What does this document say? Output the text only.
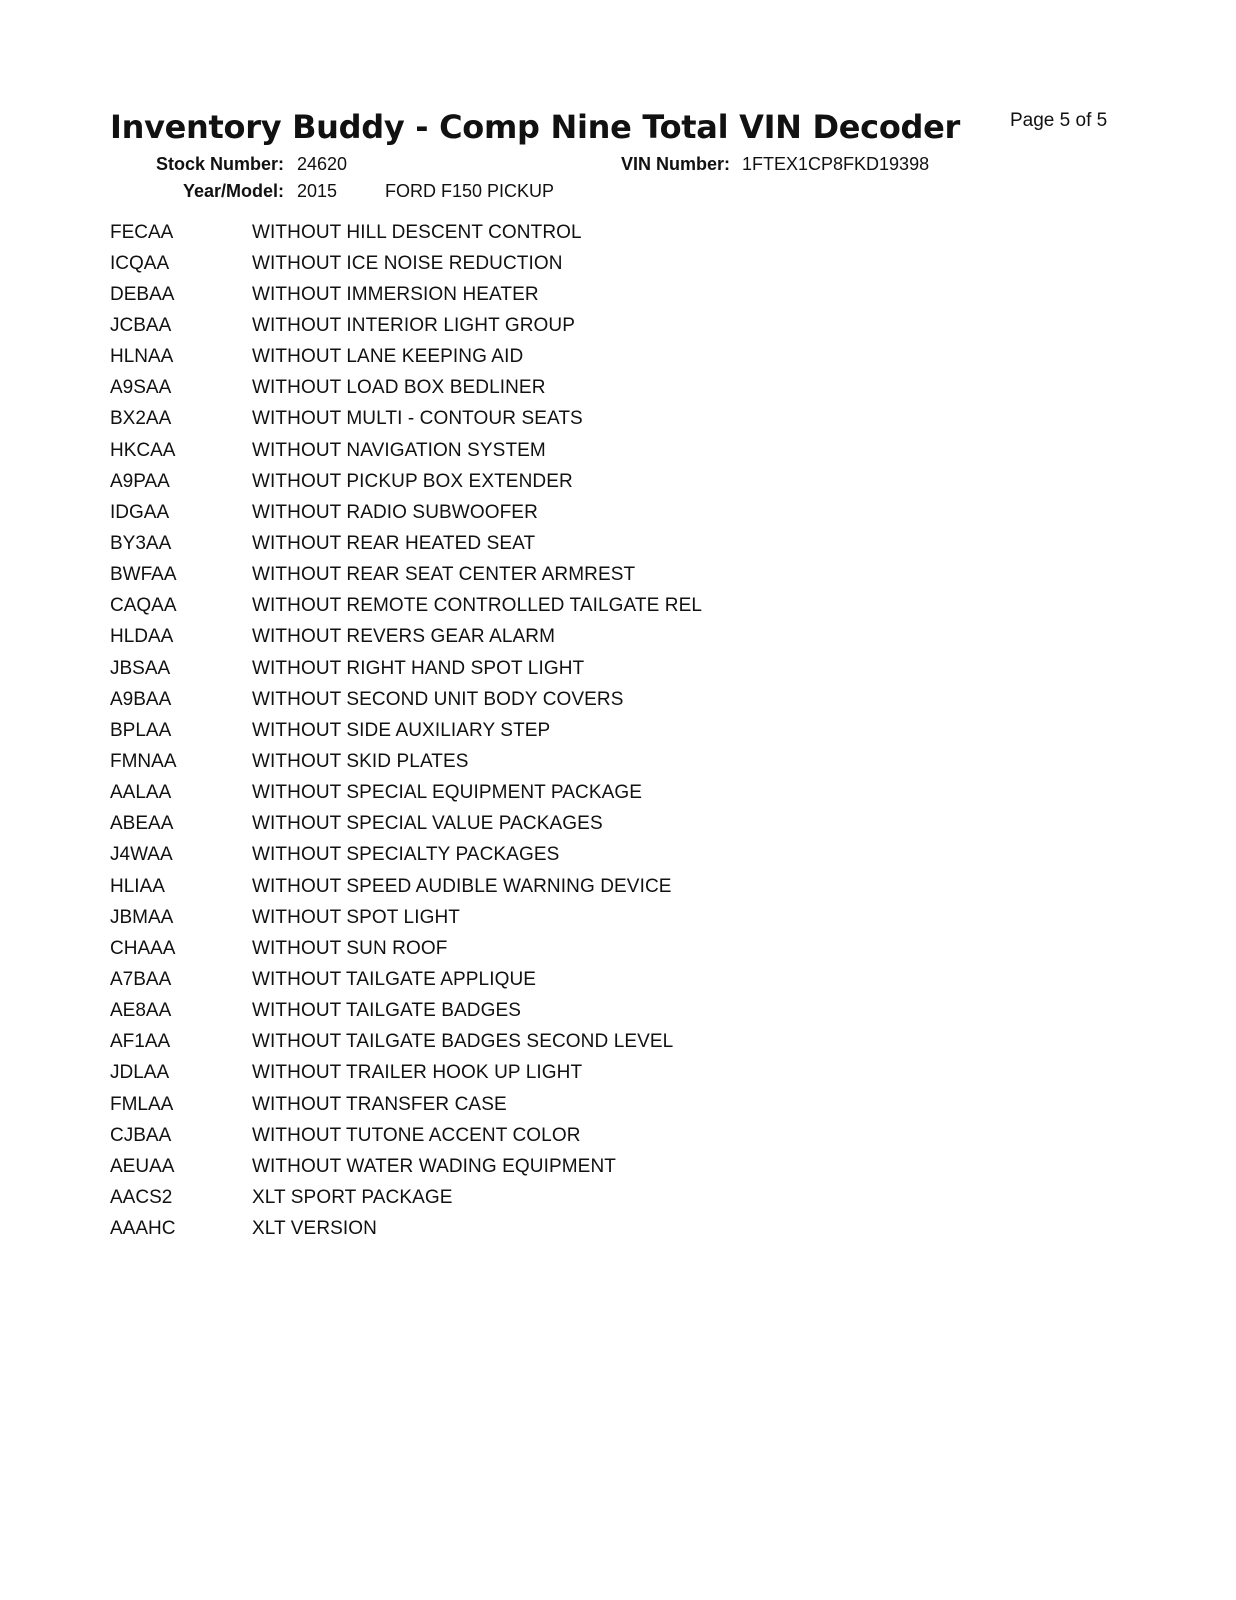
Inventory Buddy - Comp Nine Total VIN Decoder	Page 5 of 5
Stock Number: 24620
Year/Model: 2015	FORD F150 PICKUP
VIN Number: 1FTEX1CP8FKD19398
FECAA	WITHOUT HILL DESCENT CONTROL
ICQAA	WITHOUT ICE NOISE REDUCTION
DEBAA	WITHOUT IMMERSION HEATER
JCBAA	WITHOUT INTERIOR LIGHT GROUP
HLNAA	WITHOUT LANE KEEPING AID
A9SAA	WITHOUT LOAD BOX BEDLINER
BX2AA	WITHOUT MULTI - CONTOUR SEATS
HKCAA	WITHOUT NAVIGATION SYSTEM
A9PAA	WITHOUT PICKUP BOX EXTENDER
IDGAA	WITHOUT RADIO SUBWOOFER
BY3AA	WITHOUT REAR HEATED SEAT
BWFAA	WITHOUT REAR SEAT CENTER ARMREST
CAQAA	WITHOUT REMOTE CONTROLLED TAILGATE REL
HLDAA	WITHOUT REVERS GEAR ALARM
JBSAA	WITHOUT RIGHT HAND SPOT LIGHT
A9BAA	WITHOUT SECOND UNIT BODY COVERS
BPLAA	WITHOUT SIDE AUXILIARY STEP
FMNAA	WITHOUT SKID PLATES
AALAA	WITHOUT SPECIAL EQUIPMENT PACKAGE
ABEAA	WITHOUT SPECIAL VALUE PACKAGES
J4WAA	WITHOUT SPECIALTY PACKAGES
HLIAA	WITHOUT SPEED AUDIBLE WARNING DEVICE
JBMAA	WITHOUT SPOT LIGHT
CHAAA	WITHOUT SUN ROOF
A7BAA	WITHOUT TAILGATE APPLIQUE
AE8AA	WITHOUT TAILGATE BADGES
AF1AA	WITHOUT TAILGATE BADGES SECOND LEVEL
JDLAA	WITHOUT TRAILER HOOK UP LIGHT
FMLAA	WITHOUT TRANSFER CASE
CJBAA	WITHOUT TUTONE ACCENT COLOR
AEUAA	WITHOUT WATER WADING EQUIPMENT
AACS2	XLT SPORT PACKAGE
AAAHC	XLT VERSION
